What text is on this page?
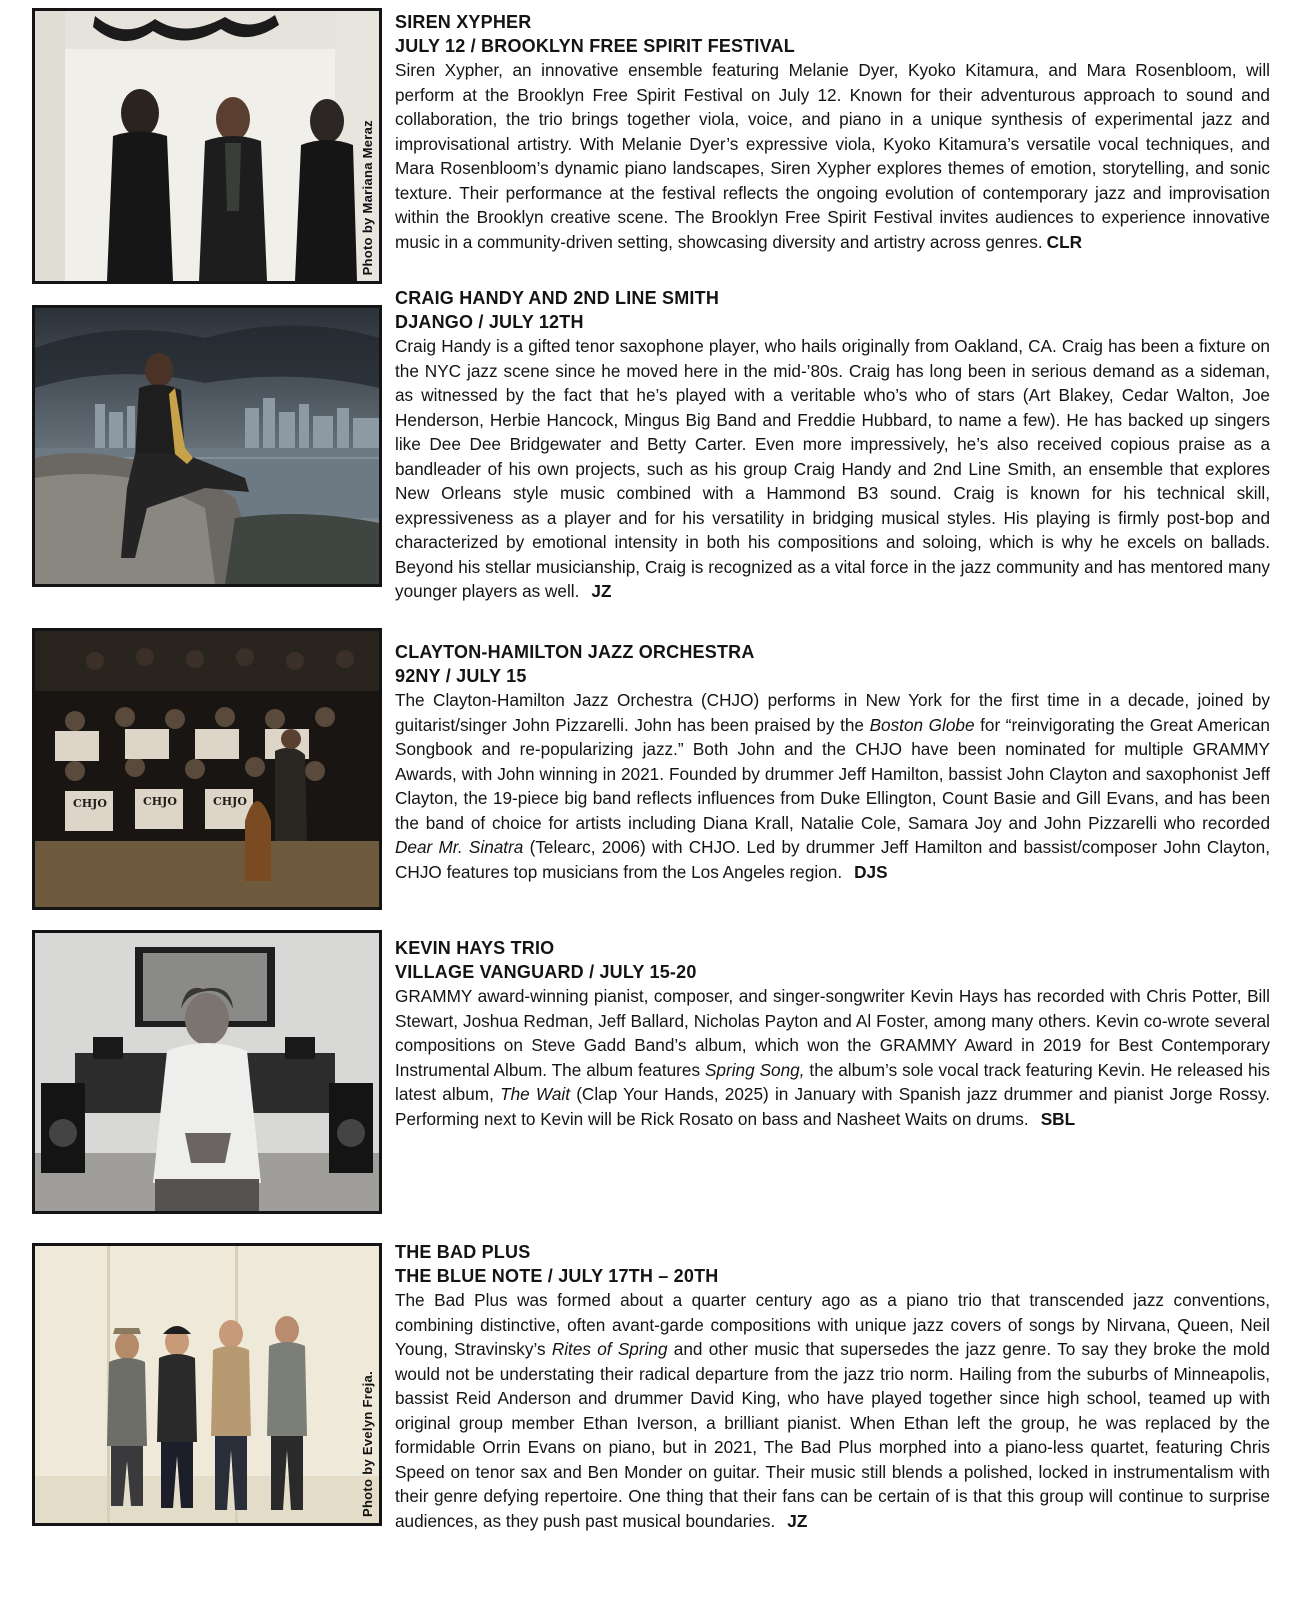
Photo by Mariana Meraz
SIREN XYPHER
JULY 12 / BROOKLYN FREE SPIRIT FESTIVAL
Siren Xypher, an innovative ensemble featuring Melanie Dyer, Kyoko Kitamura, and Mara Rosenbloom, will perform at the Brooklyn Free Spirit Festival on July 12. Known for their adventurous approach to sound and collaboration, the trio brings together viola, voice, and piano in a unique synthesis of experimental jazz and improvisational artistry. With Melanie Dyer’s expressive viola, Kyoko Kitamura’s versatile vocal techniques, and Mara Rosenbloom’s dynamic piano landscapes, Siren Xypher explores themes of emotion, storytelling, and sonic texture. Their performance at the festival reflects the ongoing evolution of contemporary jazz and improvisation within the Brooklyn creative scene. The Brooklyn Free Spirit Festival invites audiences to experience innovative music in a community-driven setting, showcasing diversity and artistry across genres. CLR
CRAIG HANDY AND 2ND LINE SMITH
DJANGO / JULY 12TH
Craig Handy is a gifted tenor saxophone player, who hails originally from Oakland, CA. Craig has been a fixture on the NYC jazz scene since he moved here in the mid-’80s. Craig has long been in serious demand as a sideman, as witnessed by the fact that he’s played with a veritable who’s who of stars (Art Blakey, Cedar Walton, Joe Henderson, Herbie Hancock, Mingus Big Band and Freddie Hubbard, to name a few). He has backed up singers like Dee Dee Bridgewater and Betty Carter. Even more impressively, he’s also received copious praise as a bandleader of his own projects, such as his group Craig Handy and 2nd Line Smith, an ensemble that explores New Orleans style music combined with a Hammond B3 sound. Craig is known for his technical skill, expressiveness as a player and for his versatility in bridging musical styles. His playing is firmly post-bop and characterized by emotional intensity in both his compositions and soloing, which is why he excels on ballads. Beyond his stellar musicianship, Craig is recognized as a vital force in the jazz community and has mentored many younger players as well. JZ
CHJO	CHJO	CHJO
CLAYTON-HAMILTON JAZZ ORCHESTRA
92NY / JULY 15
The Clayton-Hamilton Jazz Orchestra (CHJO) performs in New York for the first time in a decade, joined by guitarist/singer John Pizzarelli. John has been praised by the Boston Globe for “reinvigorating the Great American Songbook and re-popularizing jazz.” Both John and the CHJO have been nominated for multiple GRAMMY Awards, with John winning in 2021. Founded by drummer Jeff Hamilton, bassist John Clayton and saxophonist Jeff Clayton, the 19-piece big band reflects influences from Duke Ellington, Count Basie and Gill Evans, and has been the band of choice for artists including Diana Krall, Natalie Cole, Samara Joy and John Pizzarelli who recorded Dear Mr. Sinatra (Telearc, 2006) with CHJO. Led by drummer Jeff Hamilton and bassist/composer John Clayton, CHJO features top musicians from the Los Angeles region. DJS
KEVIN HAYS TRIO
VILLAGE VANGUARD / JULY 15-20
GRAMMY award-winning pianist, composer, and singer-songwriter Kevin Hays has recorded with Chris Potter, Bill Stewart, Joshua Redman, Jeff Ballard, Nicholas Payton and Al Foster, among many others. Kevin co-wrote several compositions on Steve Gadd Band’s album, which won the GRAMMY Award in 2019 for Best Contemporary Instrumental Album. The album features Spring Song, the album’s sole vocal track featuring Kevin. He released his latest album, The Wait (Clap Your Hands, 2025) in January with Spanish jazz drummer and pianist Jorge Rossy. Performing next to Kevin will be Rick Rosato on bass and Nasheet Waits on drums. SBL
Photo by Evelyn Freja.
THE BAD PLUS
THE BLUE NOTE / JULY 17TH – 20TH
The Bad Plus was formed about a quarter century ago as a piano trio that transcended jazz conventions, combining distinctive, often avant-garde compositions with unique jazz covers of songs by Nirvana, Queen, Neil Young, Stravinsky’s Rites of Spring and other music that supersedes the jazz genre. To say they broke the mold would not be understating their radical departure from the jazz trio norm. Hailing from the suburbs of Minneapolis, bassist Reid Anderson and drummer David King, who have played together since high school, teamed up with original group member Ethan Iverson, a brilliant pianist. When Ethan left the group, he was replaced by the formidable Orrin Evans on piano, but in 2021, The Bad Plus morphed into a piano-less quartet, featuring Chris Speed on tenor sax and Ben Monder on guitar. Their music still blends a polished, locked in instrumentalism with their genre defying repertoire. One thing that their fans can be certain of is that this group will continue to surprise audiences, as they push past musical boundaries. JZ
